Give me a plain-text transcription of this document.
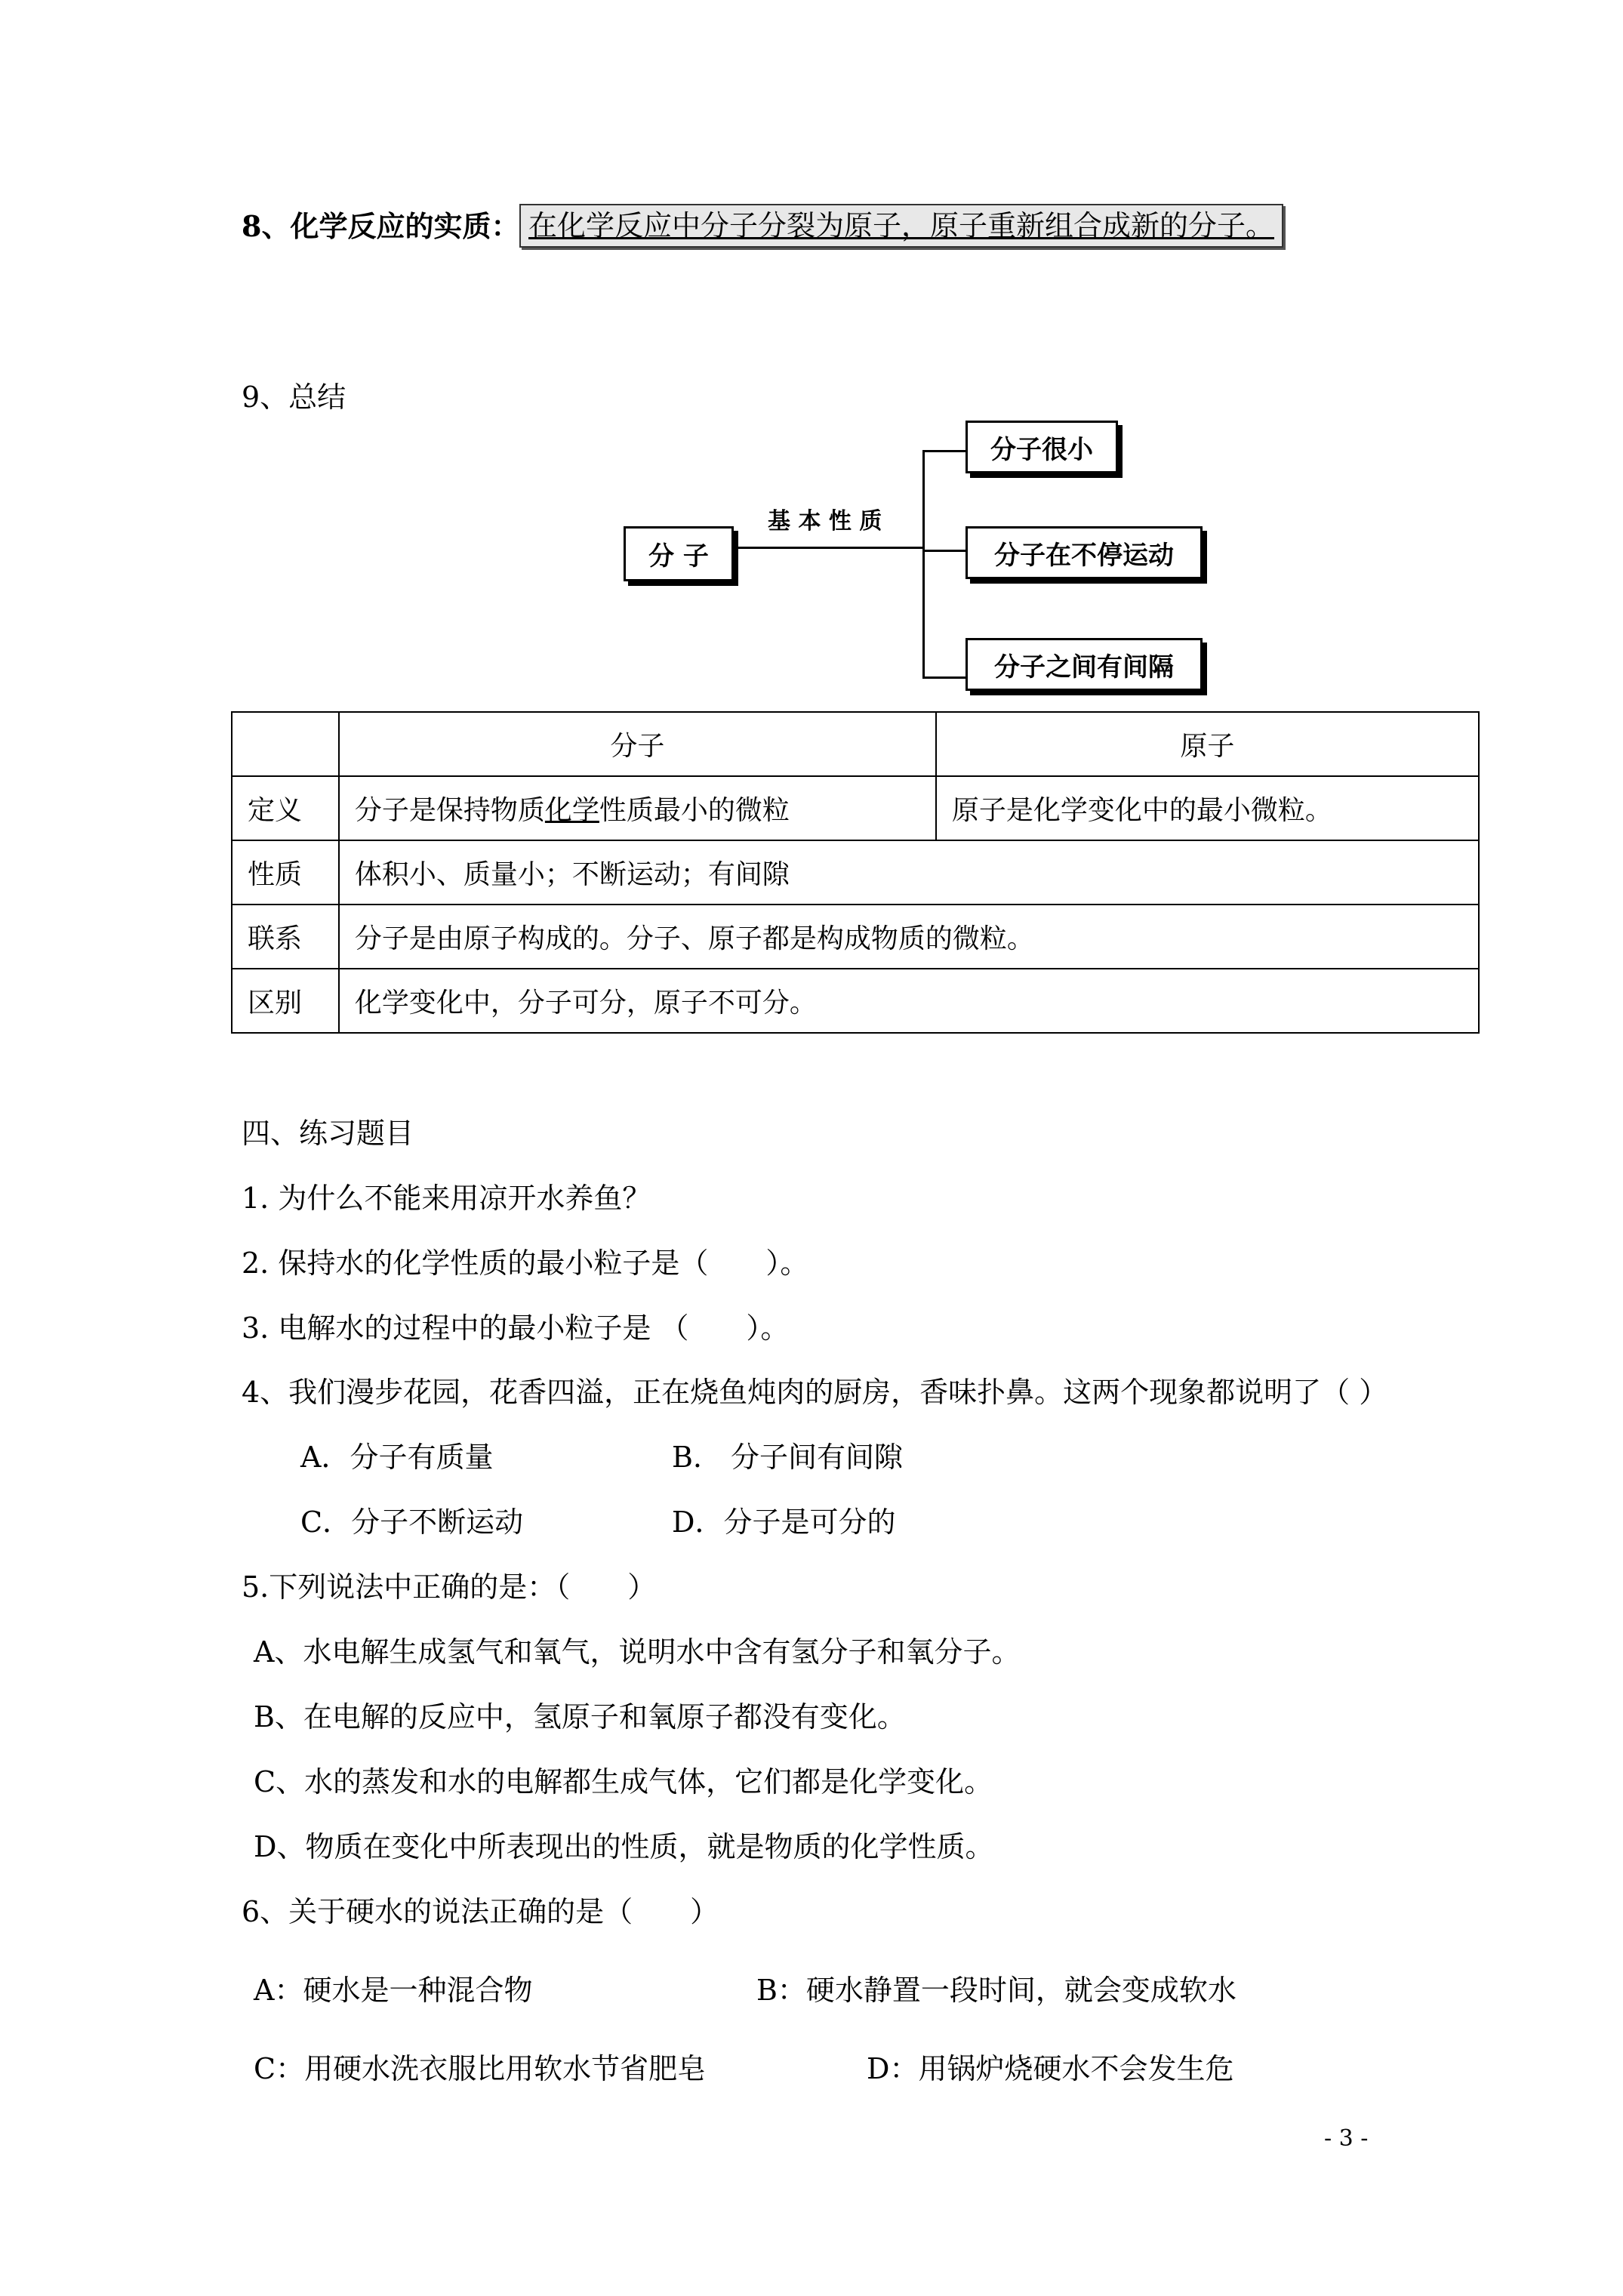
8、化学反应的实质： 在化学反应中分子分裂为原子，原子重新组合成新的分子。
9、总结
基 本 性 质
分 子
分子很小
分子在不停运动
分子之间有间隔
	分子	原子
定义	分子是保持物质化学性质最小的微粒	原子是化学变化中的最小微粒。
性质	体积小、质量小；不断运动；有间隙	
联系	分子是由原子构成的。分子、原子都是构成物质的微粒。	
区别	化学变化中，分子可分，原子不可分。	
四、练习题目
1. 为什么不能来用凉开水养鱼？
2. 保持水的化学性质的最小粒子是（　　）。
3. 电解水的过程中的最小粒子是 （　　）。
4、我们漫步花园，花香四溢，正在烧鱼炖肉的厨房，香味扑鼻。这两个现象都说明了（ ）
A．分子有质量	B.　分子间有间隙
C．分子不断运动	D．分子是可分的
5.下列说法中正确的是：（　　）
A、水电解生成氢气和氧气，说明水中含有氢分子和氧分子。
B、在电解的反应中，氢原子和氧原子都没有变化。
C、水的蒸发和水的电解都生成气体，它们都是化学变化。
D、物质在变化中所表现出的性质，就是物质的化学性质。
6、关于硬水的说法正确的是（　　）
A：硬水是一种混合物	B：硬水静置一段时间，就会变成软水
C：用硬水洗衣服比用软水节省肥皂	D：用锅炉烧硬水不会发生危
- 3 -
